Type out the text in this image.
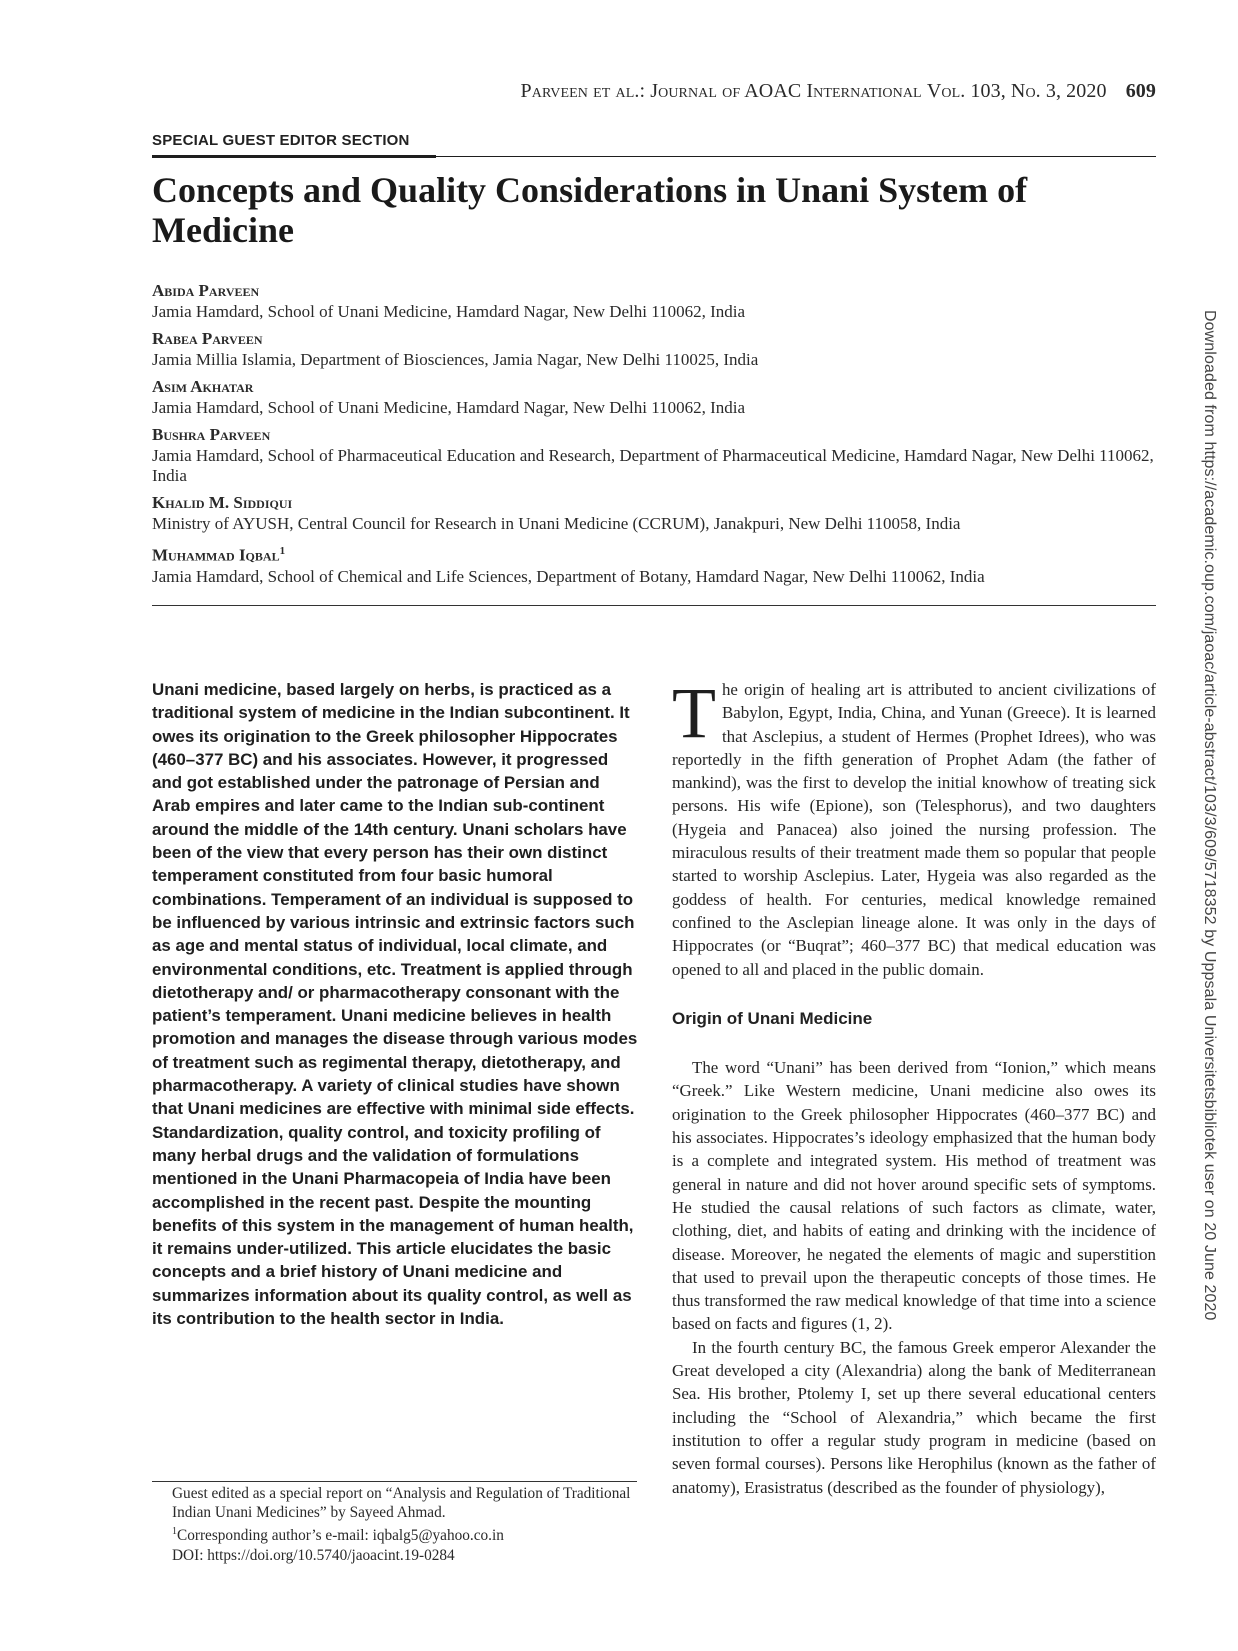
Parveen et al.: Journal of AOAC International Vol. 103, No. 3, 2020 609
SPECIAL GUEST EDITOR SECTION
Concepts and Quality Considerations in Unani System of Medicine

Abida Parveen

Jamia Hamdard, School of Unani Medicine, Hamdard Nagar, New Delhi 110062, India

Rabea Parveen

Jamia Millia Islamia, Department of Biosciences, Jamia Nagar, New Delhi 110025, India

Asim Akhatar

Jamia Hamdard, School of Unani Medicine, Hamdard Nagar, New Delhi 110062, India

Bushra Parveen

Jamia Hamdard, School of Pharmaceutical Education and Research, Department of Pharmaceutical Medicine, Hamdard Nagar, New Delhi 110062, India

Khalid M. Siddiqui

Ministry of AYUSH, Central Council for Research in Unani Medicine (CCRUM), Janakpuri, New Delhi 110058, India

Muhammad Iqbal$^1$

Jamia Hamdard, School of Chemical and Life Sciences, Department of Botany, Hamdard Nagar, New Delhi 110062, India

Unani medicine, based largely on herbs, is practiced as a traditional system of medicine in the Indian subcontinent. It owes its origination to the Greek philosopher Hippocrates (460–377 BC) and his associates. However, it progressed and got established under the patronage of Persian and Arab empires and later came to the Indian sub-continent around the middle of the 14th century. Unani scholars have been of the view that every person has their own distinct temperament constituted from four basic humoral combinations. Temperament of an individual is supposed to be influenced by various intrinsic and extrinsic factors such as age and mental status of individual, local climate, and environmental conditions, etc. Treatment is applied through dietotherapy and/ or pharmacotherapy consonant with the patient’s temperament. Unani medicine believes in health promotion and manages the disease through various modes of treatment such as regimental therapy, dietotherapy, and pharmacotherapy. A variety of clinical studies have shown that Unani medicines are effective with minimal side effects. Standardization, quality control, and toxicity profiling of many herbal drugs and the validation of formulations mentioned in the Unani Pharmacopeia of India have been accomplished in the recent past. Despite the mounting benefits of this system in the management of human health, it remains under-utilized. This article elucidates the basic concepts and a brief history of Unani medicine and summarizes information about its quality control, as well as its contribution to the health sector in India.

Guest edited as a special report on “Analysis and Regulation of Traditional Indian Unani Medicines” by Sayeed Ahmad.

$^1$Corresponding author’s e-mail: iqbalg5@yahoo.co.in

DOI: https://doi.org/10.5740/jaoacint.19-0284

The origin of healing art is attributed to ancient civilizations of Babylon, Egypt, India, China, and Yunan (Greece). It is learned that Asclepius, a student of Hermes (Prophet Idrees), who was reportedly in the fifth generation of Prophet Adam (the father of mankind), was the first to develop the initial knowhow of treating sick persons. His wife (Epione), son (Telesphorus), and two daughters (Hygeia and Panacea) also joined the nursing profession. The miraculous results of their treatment made them so popular that people started to worship Asclepius. Later, Hygeia was also regarded as the goddess of health. For centuries, medical knowledge remained confined to the Asclepian lineage alone. It was only in the days of Hippocrates (or “Buqrat”; 460–377 BC) that medical education was opened to all and placed in the public domain.

Origin of Unani Medicine

The word “Unani” has been derived from “Ionion,” which means “Greek.” Like Western medicine, Unani medicine also owes its origination to the Greek philosopher Hippocrates (460–377 BC) and his associates. Hippocrates’s ideology emphasized that the human body is a complete and integrated system. His method of treatment was general in nature and did not hover around specific sets of symptoms. He studied the causal relations of such factors as climate, water, clothing, diet, and habits of eating and drinking with the incidence of disease. Moreover, he negated the elements of magic and superstition that used to prevail upon the therapeutic concepts of those times. He thus transformed the raw medical knowledge of that time into a science based on facts and figures (1, 2).

In the fourth century BC, the famous Greek emperor Alexander the Great developed a city (Alexandria) along the bank of Mediterranean Sea. His brother, Ptolemy I, set up there several educational centers including the “School of Alexandria,” which became the first institution to offer a regular study program in medicine (based on seven formal courses). Persons like Herophilus (known as the father of anatomy), Erasistratus (described as the founder of physiology),

Downloaded from https://academic.oup.com/jaoac/article-abstract/103/3/609/5718352 by Uppsala Universitetsbibliotek user on 20 June 2020
